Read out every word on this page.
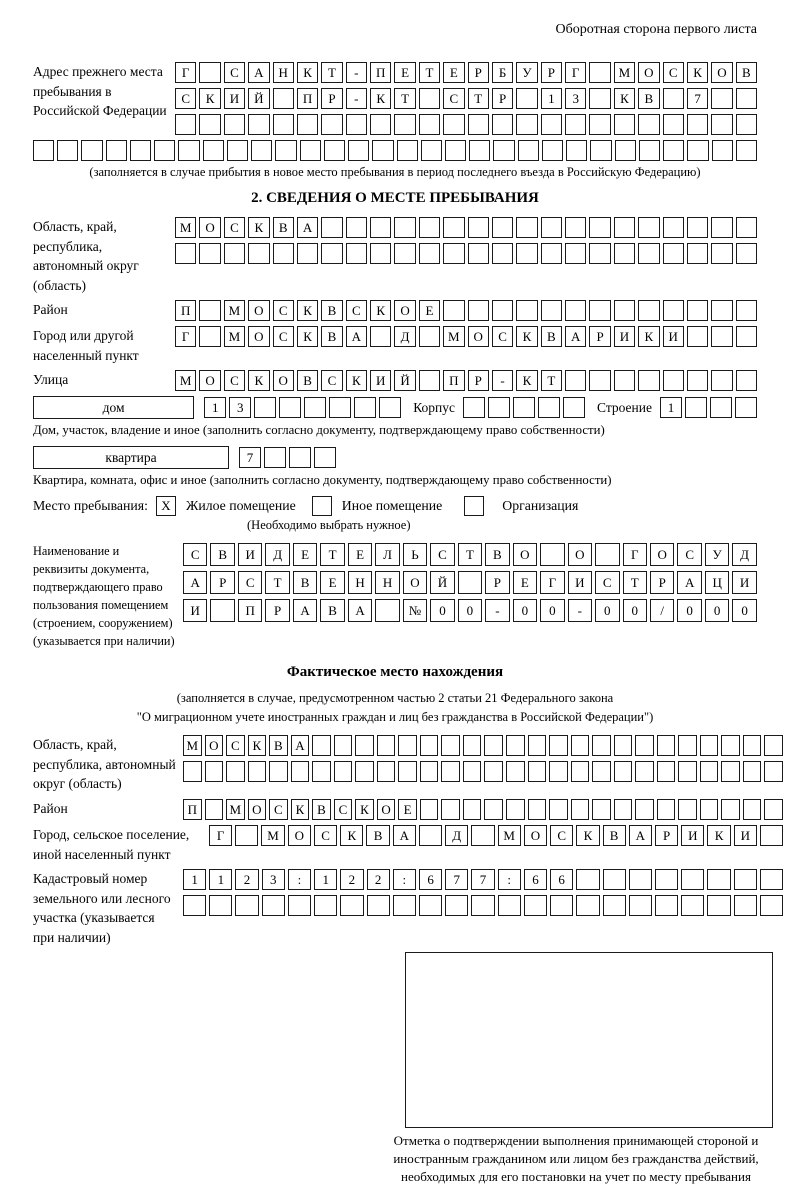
Оборотная сторона первого листа
Адрес прежнего места пребывания в Российской Федерации
Г	С	А	Н	К	Т	-	П	Е	Т	Е	Р	Б	У	Р	Г	М	О	С	К	О	В
С	К	И	Й	П	Р	-	К	Т	С	Т	Р	1	3	К	В	7
(заполняется в случае прибытия в новое место пребывания в период последнего въезда в Российскую Федерацию)
2. СВЕДЕНИЯ О МЕСТЕ ПРЕБЫВАНИЯ
Область, край, республика, автономный округ (область)
М	О	С	К	В	А
Район	П	М	О	С	К	В	С	К	О	Е
Город или другой населенный пункт
Г	М	О	С	К	В	А	Д	М	О	С	К	В	А	Р	И	К	И
Улица	М	О	С	К	О	В	С	К	И	Й	П	Р	-	К	Т
дом	1	3	Корпус	Строение	1
Дом, участок, владение и иное (заполнить согласно документу, подтверждающему право собственности)
квартира	7
Квартира, комната, офис и иное (заполнить согласно документу, подтверждающему право собственности)
Место пребывания:	X	Жилое помещение	Иное помещение	Организация
(Необходимо выбрать нужное)
Наименование и реквизиты документа, подтверждающего право пользования помещением (строением, сооружением) (указывается при наличии)
С	В	И	Д	Е	Т	Е	Л	Ь	С	Т	В	О	О	Г	О	С	У	Д
А	Р	С	Т	В	Е	Н	Н	О	Й	Р	Е	Г	И	С	Т	Р	А	Ц	И
И	П	Р	А	В	А	№	0	0	-	0	0	-	0	0	/	0	0	0
Фактическое место нахождения
(заполняется в случае, предусмотренном частью 2 статьи 21 Федерального закона
"О миграционном учете иностранных граждан и лиц без гражданства в Российской Федерации")
Область, край, республика, автономный округ (область)
М О С К В А
Район	П	М О С К В С К О Е
Город, сельское поселение, иной населенный пункт
Г	М	О	С	К	В	А	Д	М	О	С	К	В	А	Р	И	К	И
Кадастровый номер земельного или лесного участка (указывается при наличии)
1	1	2	3	:	1	2	2	:	6	7	7	:	6	6
Отметка о подтверждении выполнения принимающей стороной и иностранным гражданином или лицом без гражданства действий, необходимых для его постановки на учет по месту пребывания
